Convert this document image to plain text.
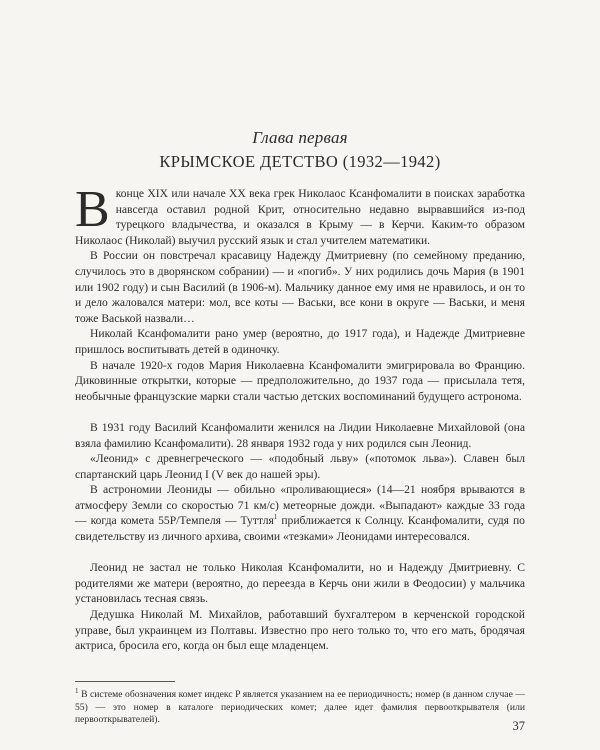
Глава первая
КРЫМСКОЕ ДЕТСТВО (1932—1942)

Вконце XIX или начале XX века грек Николаос Ксанфомалити в поисках заработка навсегда оставил родной Крит, относительно недавно вырвавшийся из-под турецкого владычества, и оказался в Крыму — в Керчи. Каким-то образом Николаос (Николай) выучил русский язык и стал учителем математики.

В России он повстречал красавицу Надежду Дмитриевну (по семейному преданию, случилось это в дворянском собрании) — и «погиб». У них родились дочь Мария (в 1901 или 1902 году) и сын Василий (в 1906-м). Мальчику данное ему имя не нравилось, и он то и дело жаловался матери: мол, все коты — Васьки, все кони в округе — Васьки, и меня тоже Васькой назвали…

Николай Ксанфомалити рано умер (вероятно, до 1917 года), и Надежде Дмитриевне пришлось воспитывать детей в одиночку.

В начале 1920-х годов Мария Николаевна Ксанфомалити эмигрировала во Францию. Диковинные открытки, которые — предположительно, до 1937 года — присылала тетя, необычные французские марки стали частью детских воспоминаний будущего астронома.

В 1931 году Василий Ксанфомалити женился на Лидии Николаевне Михайловой (она взяла фамилию Ксанфомалити). 28 января 1932 года у них родился сын Леонид.

«Леонид» с древнегреческого — «подобный льву» («потомок льва»). Славен был спартанский царь Леонид I (V век до нашей эры).

В астрономии Леониды — обильно «проливающиеся» (14—21 ноября врываются в атмосферу Земли со скоростью 71 км/с) метеорные дожди. «Выпадают» каждые 33 года — когда комета 55P/Темпеля — Туттля$^1$ приближается к Солнцу. Ксанфомалити, судя по свидетельству из личного архива, своими «тезками» Леонидами интересовался.

Леонид не застал не только Николая Ксанфомалити, но и Надежду Дмитриевну. С родителями же матери (вероятно, до переезда в Керчь они жили в Феодосии) у мальчика установилась тесная связь.

Дедушка Николай М. Михайлов, работавший бухгалтером в керченской городской управе, был украинцем из Полтавы. Известно про него только то, что его мать, бродячая актриса, бросила его, когда он был еще младенцем.

$^1$ В системе обозначения комет индекс P является указанием на ее периодичность; номер (в данном случае — 55) — это номер в каталоге периодических комет; далее идет фамилия первооткрывателя (или первооткрывателей).	37
